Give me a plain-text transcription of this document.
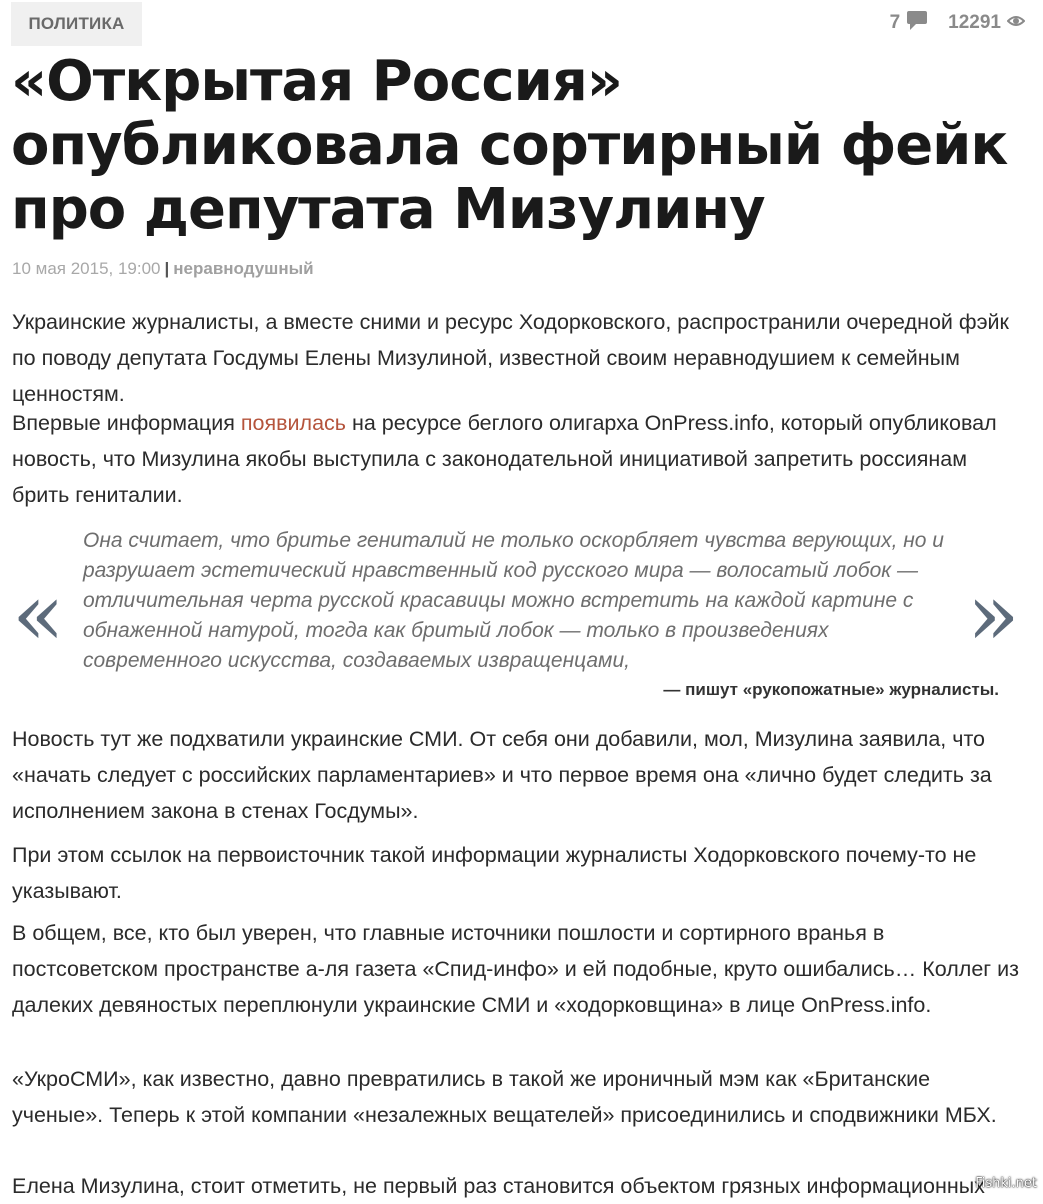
ПОЛИТИКА	7	12291
«Открытая Россия» опубликовала сортирный фейк про депутата Мизулину
10 мая 2015, 19:00 | неравнодушный

Украинские журналисты, а вместе сними и ресурс Ходорковского, распространили очередной фэйк по поводу депутата Госдумы Елены Мизулиной, известной своим неравнодушием к семейным ценностям.

Впервые информация появилась на ресурсе беглого олигарха OnPress.info, который опубликовал новость, что Мизулина якобы выступила с законодательной инициативой запретить россиянам брить гениталии.

«

Она считает, что бритье гениталий не только оскорбляет чувства верующих, но и разрушает эстетический нравственный код русского мира — волосатый лобок — отличительная черта русской красавицы можно встретить на каждой картине с обнаженной натурой, тогда как бритый лобок — только в произведениях современного искусства, создаваемых извращенцами,	»
— пишут «рукопожатные» журналисты.

Новость тут же подхватили украинские СМИ. От себя они добавили, мол, Мизулина заявила, что «начать следует с российских парламентариев» и что первое время она «лично будет следить за исполнением закона в стенах Госдумы».

При этом ссылок на первоисточник такой информации журналисты Ходорковского почему-то не указывают.

В общем, все, кто был уверен, что главные источники пошлости и сортирного вранья в постсоветском пространстве а-ля газета «Спид-инфо» и ей подобные, круто ошибались… Коллег из далеких девяностых переплюнули украинские СМИ и «ходорковщина» в лице OnPress.info.

«УкроСМИ», как известно, давно превратились в такой же ироничный мэм как «Британские ученые». Теперь к этой компании «незалежных вещателей» присоединились и сподвижники МБХ.

Елена Мизулина, стоит отметить, не первый раз становится объектом грязных информационных

Fishki.net
